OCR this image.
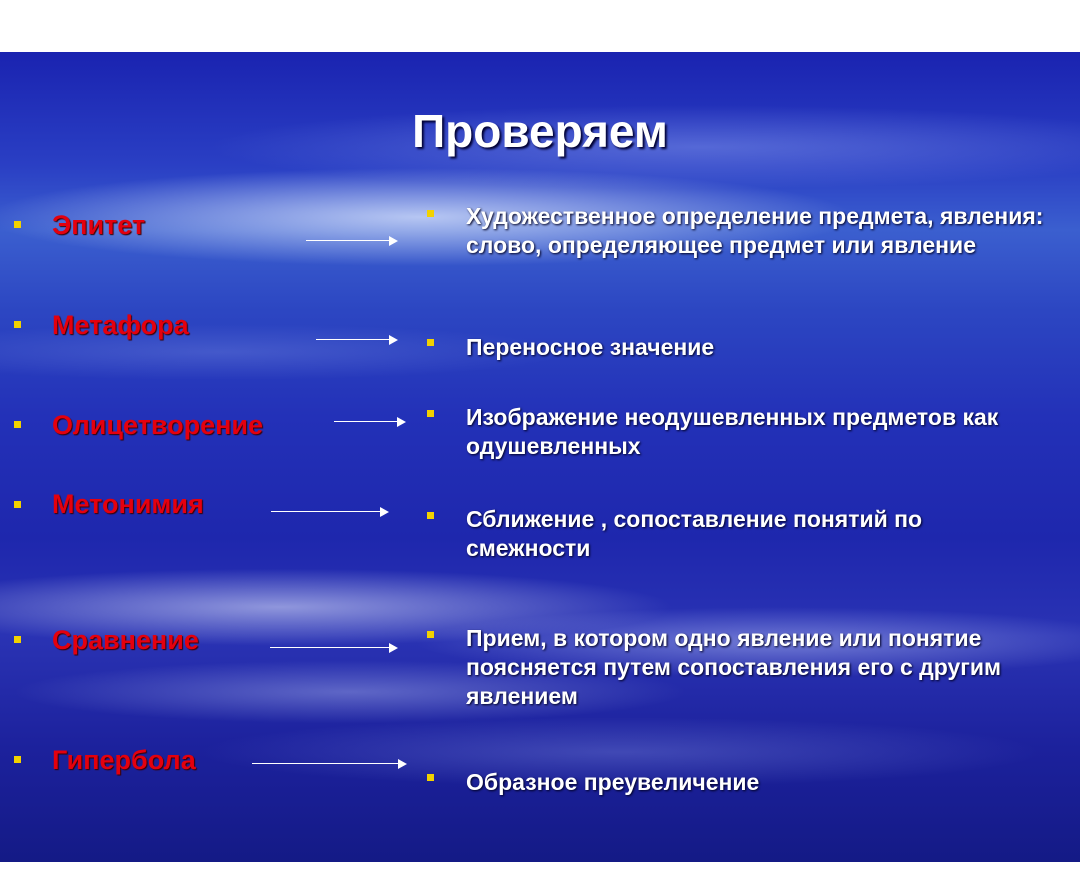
Проверяем
Эпитет
Метафора
Олицетворение
Метонимия
Сравнение
Гипербола
Художественное определение предмета, явления: слово, определяющее предмет или явление
Переносное значение
Изображение неодушевленных предметов как одушевленных
Сближение , сопоставление понятий по смежности
Прием, в котором одно явление или понятие поясняется путем сопоставления его с другим явлением
Образное преувеличение
